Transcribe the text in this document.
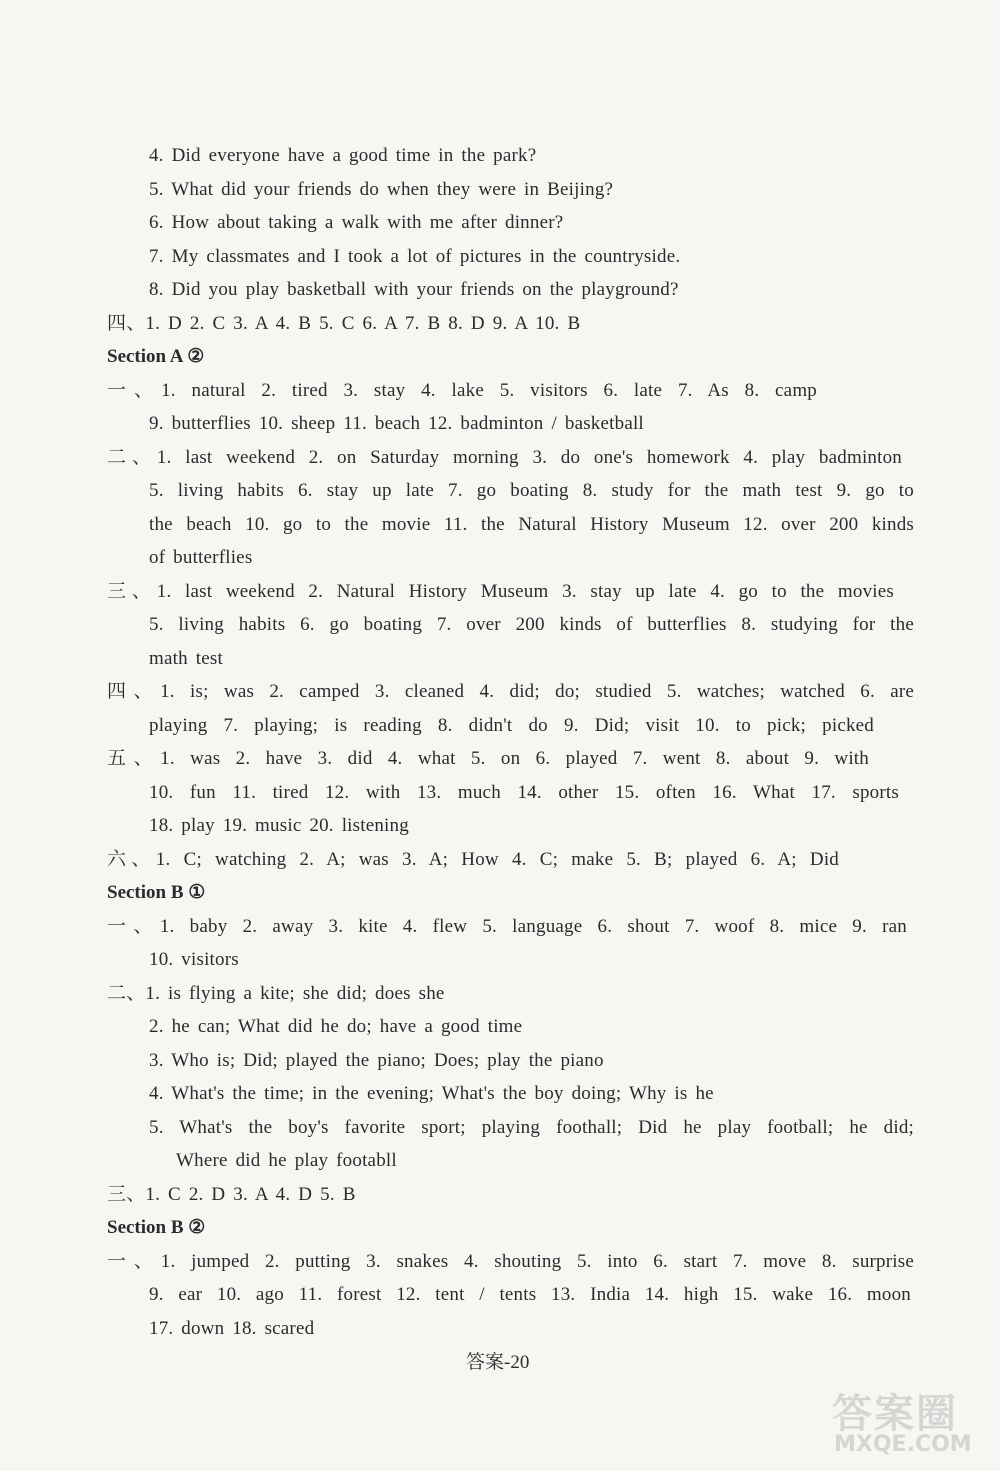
4. Did everyone have a good time in the park?
5. What did your friends do when they were in Beijing?
6. How about taking a walk with me after dinner?
7. My classmates and I took a lot of pictures in the countryside.
8. Did you play basketball with your friends on the playground?
四、1. D 2. C 3. A 4. B 5. C 6. A 7. B 8. D 9. A 10. B
Section A ②
一、1. natural 2. tired 3. stay 4. lake 5. visitors 6. late 7. As 8. camp
9. butterflies 10. sheep 11. beach 12. badminton / basketball
二、1. last weekend 2. on Saturday morning 3. do one's homework 4. play badminton
5. living habits 6. stay up late 7. go boating 8. study for the math test 9. go to
the beach 10. go to the movie 11. the Natural History Museum 12. over 200 kinds
of butterflies
三、1. last weekend 2. Natural History Museum 3. stay up late 4. go to the movies
5. living habits 6. go boating 7. over 200 kinds of butterflies 8. studying for the
math test
四、1. is; was 2. camped 3. cleaned 4. did; do; studied 5. watches; watched 6. are
playing 7. playing; is reading 8. didn't do 9. Did; visit 10. to pick; picked
五、1. was 2. have 3. did 4. what 5. on 6. played 7. went 8. about 9. with
10. fun 11. tired 12. with 13. much 14. other 15. often 16. What 17. sports
18. play 19. music 20. listening
六、1. C; watching 2. A; was 3. A; How 4. C; make 5. B; played 6. A; Did
Section B ①
一、1. baby 2. away 3. kite 4. flew 5. language 6. shout 7. woof 8. mice 9. ran
10. visitors
二、1. is flying a kite; she did; does she
2. he can; What did he do; have a good time
3. Who is; Did; played the piano; Does; play the piano
4. What's the time; in the evening; What's the boy doing; Why is he
5. What's the boy's favorite sport; playing foothall; Did he play football; he did;
Where did he play footabll
三、1. C 2. D 3. A 4. D 5. B
Section B ②
一、1. jumped 2. putting 3. snakes 4. shouting 5. into 6. start 7. move 8. surprise
9. ear 10. ago 11. forest 12. tent / tents 13. India 14. high 15. wake 16. moon
17. down 18. scared
答案-20
答案圈
MXQE.COM
